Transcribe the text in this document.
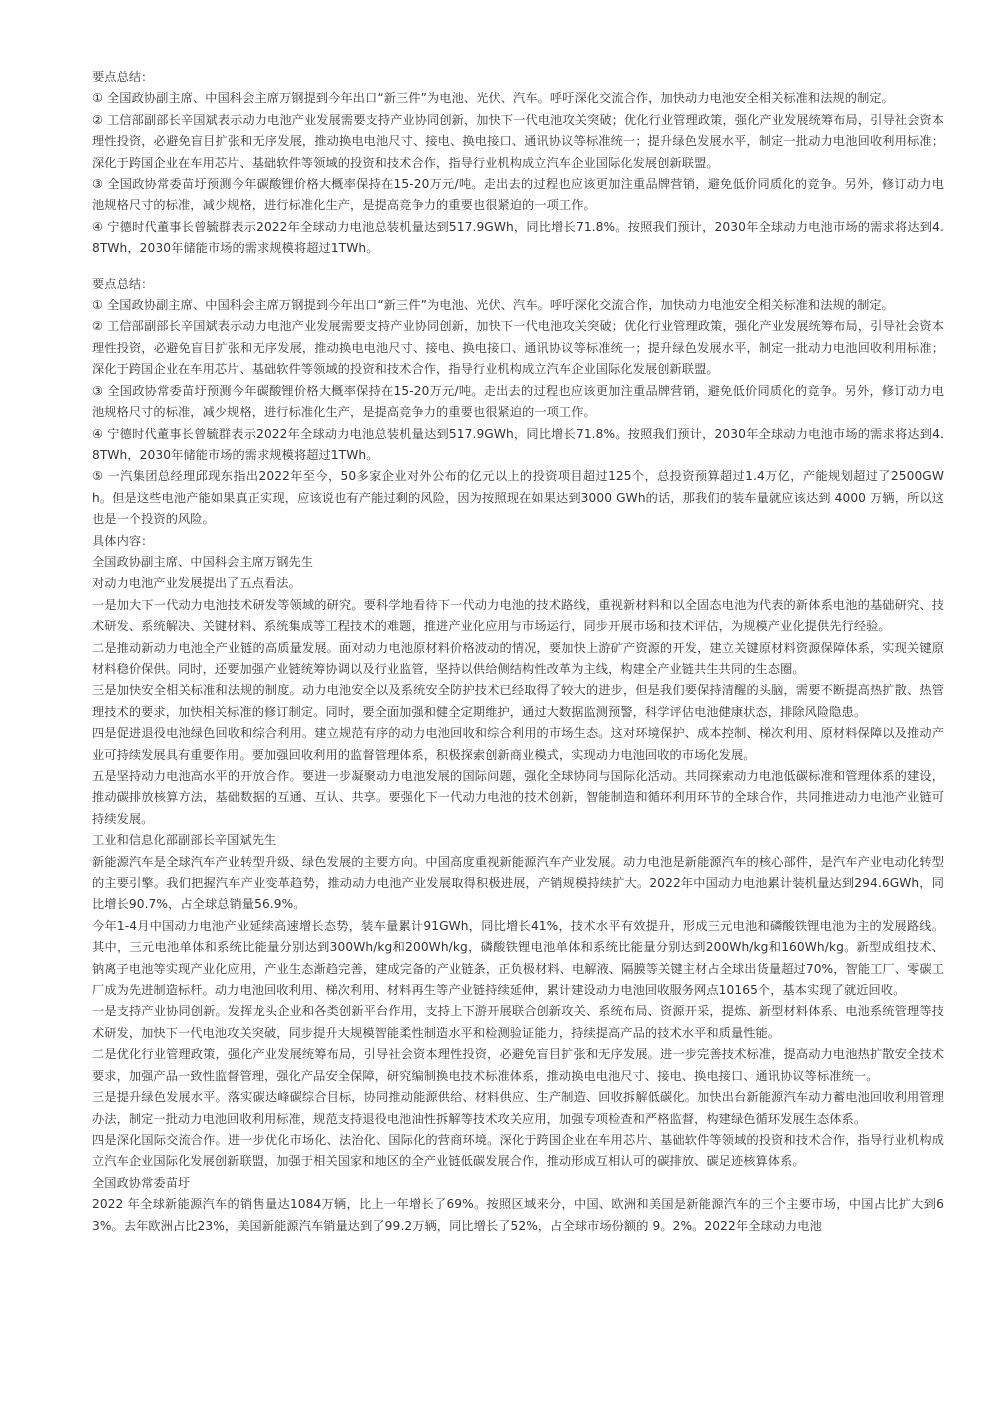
要点总结：

① 全国政协副主席、中国科会主席万钢提到今年出口“新三件”为电池、光伏、汽车。呼吁深化交流合作，加快动力电池安全相关标准和法规的制定。

② 工信部副部长辛国斌表示动力电池产业发展需要支持产业协同创新，加快下一代电池攻关突破；优化行业管理政策，强化产业发展统筹布局，引导社会资本理性投资，必避免盲目扩张和无序发展，推动换电电池尺寸、接电、换电接口、通讯协议等标准统一；提升绿色发展水平，制定一批动力电池回收利用标准；深化于跨国企业在车用芯片、基础软件等领域的投资和技术合作，指导行业机构成立汽车企业国际化发展创新联盟。

③ 全国政协常委苗圩预测今年碳酸锂价格大概率保持在15-20万元/吨。走出去的过程也应该更加注重品牌营销，避免低价同质化的竞争。另外，修订动力电池规格尺寸的标准，减少规格，进行标准化生产，是提高竞争力的重要也很紧迫的一项工作。

④ 宁德时代董事长曾毓群表示2022年全球动力电池总装机量达到517.9GWh，同比增长71.8%。按照我们预计，2030年全球动力电池市场的需求将达到4.8TWh，2030年储能市场的需求规模将超过1TWh。

要点总结：

① 全国政协副主席、中国科会主席万钢提到今年出口“新三件”为电池、光伏、汽车。呼吁深化交流合作，加快动力电池安全相关标准和法规的制定。

② 工信部副部长辛国斌表示动力电池产业发展需要支持产业协同创新，加快下一代电池攻关突破；优化行业管理政策，强化产业发展统筹布局，引导社会资本理性投资，必避免盲目扩张和无序发展，推动换电电池尺寸、接电、换电接口、通讯协议等标准统一；提升绿色发展水平，制定一批动力电池回收利用标准；深化于跨国企业在车用芯片、基础软件等领域的投资和技术合作，指导行业机构成立汽车企业国际化发展创新联盟。

③ 全国政协常委苗圩预测今年碳酸锂价格大概率保持在15-20万元/吨。走出去的过程也应该更加注重品牌营销，避免低价同质化的竞争。另外，修订动力电池规格尺寸的标准，减少规格，进行标准化生产，是提高竞争力的重要也很紧迫的一项工作。

④ 宁德时代董事长曾毓群表示2022年全球动力电池总装机量达到517.9GWh，同比增长71.8%。按照我们预计，2030年全球动力电池市场的需求将达到4.8TWh，2030年储能市场的需求规模将超过1TWh。

⑤ 一汽集团总经理邱现东指出2022年至今，50多家企业对外公布的亿元以上的投资项目超过125个，总投资预算超过1.4万亿，产能规划超过了2500GWh。但是这些电池产能如果真正实现，应该说也有产能过剩的风险，因为按照现在如果达到3000 GWh的话，那我们的装车量就应该达到 4000 万辆，所以这也是一个投资的风险。

具体内容：

全国政协副主席、中国科会主席万钢先生

对动力电池产业发展提出了五点看法。

一是加大下一代动力电池技术研发等领域的研究。要科学地看待下一代动力电池的技术路线，重视新材料和以全固态电池为代表的新体系电池的基础研究、技术研发、系统解决、关键材料、系统集成等工程技术的难题，推进产业化应用与市场运行，同步开展市场和技术评估，为规模产业化提供先行经验。

二是推动新动力电池全产业链的高质量发展。面对动力电池原材料价格波动的情况，要加快上游矿产资源的开发，建立关键原材料资源保障体系，实现关键原材料稳价保供。同时，还要加强产业链统筹协调以及行业监管，坚持以供给侧结构性改革为主线，构建全产业链共生共同的生态圈。

三是加快安全相关标准和法规的制度。动力电池安全以及系统安全防护技术已经取得了较大的进步，但是我们要保持清醒的头脑，需要不断提高热扩散、热管理技术的要求，加快相关标准的修订制定。同时，要全面加强和健全定期维护，通过大数据监测预警，科学评估电池健康状态，排除风险隐患。

四是促进退役电池绿色回收和综合利用。建立规范有序的动力电池回收和综合利用的市场生态。这对环境保护、成本控制、梯次利用、原材料保障以及推动产业可持续发展具有重要作用。要加强回收利用的监督管理体系，积极探索创新商业模式，实现动力电池回收的市场化发展。

五是坚持动力电池高水平的开放合作。要进一步凝聚动力电池发展的国际问题，强化全球协同与国际化活动。共同探索动力电池低碳标准和管理体系的建设，推动碳排放核算方法，基础数据的互通、互认、共享。要强化下一代动力电池的技术创新，智能制造和循环利用环节的全球合作，共同推进动力电池产业链可持续发展。

工业和信息化部副部长辛国斌先生

新能源汽车是全球汽车产业转型升级、绿色发展的主要方向。中国高度重视新能源汽车产业发展。动力电池是新能源汽车的核心部件，是汽车产业电动化转型的主要引擎。我们把握汽车产业变革趋势，推动动力电池产业发展取得积极进展，产销规模持续扩大。2022年中国动力电池累计装机量达到294.6GWh，同比增长90.7%，占全球总销量56.9%。

今年1-4月中国动力电池产业延续高速增长态势，装车量累计91GWh，同比增长41%，技术水平有效提升，形成三元电池和磷酸铁锂电池为主的发展路线。其中，三元电池单体和系统比能量分别达到300Wh/kg和200Wh/kg，磷酸铁锂电池单体和系统比能量分别达到200Wh/kg和160Wh/kg。新型成组技术、钠离子电池等实现产业化应用，产业生态渐趋完善，建成完备的产业链条，正负极材料、电解液、隔膜等关键主材占全球出货量超过70%，智能工厂、零碳工厂成为先进制造标杆。动力电池回收利用、梯次利用、材料再生等产业链持续延伸，累计建设动力电池回收服务网点10165个，基本实现了就近回收。

一是支持产业协同创新。发挥龙头企业和各类创新平台作用，支持上下游开展联合创新攻关、系统布局、资源开采，提炼、新型材料体系、电池系统管理等技术研发，加快下一代电池攻关突破，同步提升大规模智能柔性制造水平和检测验证能力，持续提高产品的技术水平和质量性能。

二是优化行业管理政策，强化产业发展统筹布局，引导社会资本理性投资，必避免盲目扩张和无序发展。进一步完善技术标准，提高动力电池热扩散安全技术要求，加强产品一致性监督管理，强化产品安全保障，研究编制换电技术标准体系，推动换电电池尺寸、接电、换电接口、通讯协议等标准统一。

三是提升绿色发展水平。落实碳达峰碳综合目标，协同推动能源供给、材料供应、生产制造、回收拆解低碳化。加快出台新能源汽车动力蓄电池回收利用管理办法，制定一批动力电池回收利用标准，规范支持退役电池油性拆解等技术攻关应用，加强专项检查和严格监督，构建绿色循环发展生态体系。

四是深化国际交流合作。进一步优化市场化、法治化、国际化的营商环境。深化于跨国企业在车用芯片、基础软件等领域的投资和技术合作，指导行业机构成立汽车企业国际化发展创新联盟，加强于相关国家和地区的全产业链低碳发展合作，推动形成互相认可的碳排放、碳足迹核算体系。

全国政协常委苗圩

2022 年全球新能源汽车的销售量达1084万辆，比上一年增长了69%。按照区域来分，中国、欧洲和美国是新能源汽车的三个主要市场，中国占比扩大到63%。去年欧洲占比23%，美国新能源汽车销量达到了99.2万辆，同比增长了52%，占全球市场份额的 9。2%。2022年全球动力电池
